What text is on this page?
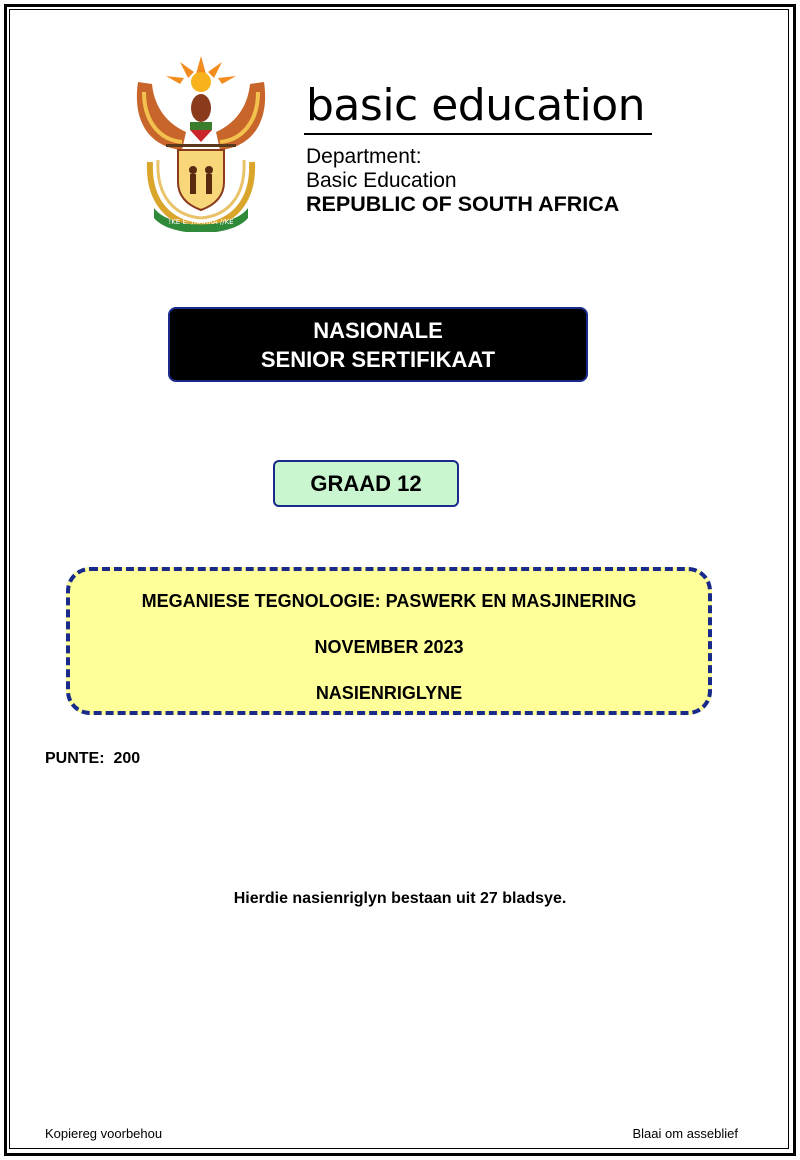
!KE E: /XARRA //KE
basic education
Department:
Basic Education
REPUBLIC OF SOUTH AFRICA
NASIONALE
SENIOR SERTIFIKAAT
GRAAD 12
MEGANIESE TEGNOLOGIE: PASWERK EN MASJINERING
NOVEMBER 2023
NASIENRIGLYNE
PUNTE:  200
Hierdie nasienriglyn bestaan uit 27 bladsye.
Kopiereg voorbehou	Blaai om asseblief
